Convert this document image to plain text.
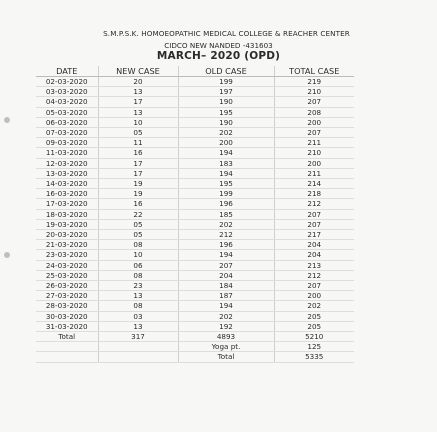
S.M.P.S.K. HOMOEOPATHIC MEDICAL COLLEGE & REACHER CENTER
CIDCO NEW NANDED -431603
MARCH– 2020 (OPD)
DATE	NEW CASE	OLD CASE	TOTAL CASE
02-03-2020	20	199	219
03-03-2020	13	197	210
04-03-2020	17	190	207
05-03-2020	13	195	208
06-03-2020	10	190	200
07-03-2020	05	202	207
09-03-2020	11	200	211
11-03-2020	16	194	210
12-03-2020	17	183	200
13-03-2020	17	194	211
14-03-2020	19	195	214
16-03-2020	19	199	218
17-03-2020	16	196	212
18-03-2020	22	185	207
19-03-2020	05	202	207
20-03-2020	05	212	217
21-03-2020	08	196	204
23-03-2020	10	194	204
24-03-2020	06	207	213
25-03-2020	08	204	212
26-03-2020	23	184	207
27-03-2020	13	187	200
28-03-2020	08	194	202
30-03-2020	03	202	205
31-03-2020	13	192	205
Total	317	4893	5210
		Yoga pt.	125
		Total	5335
